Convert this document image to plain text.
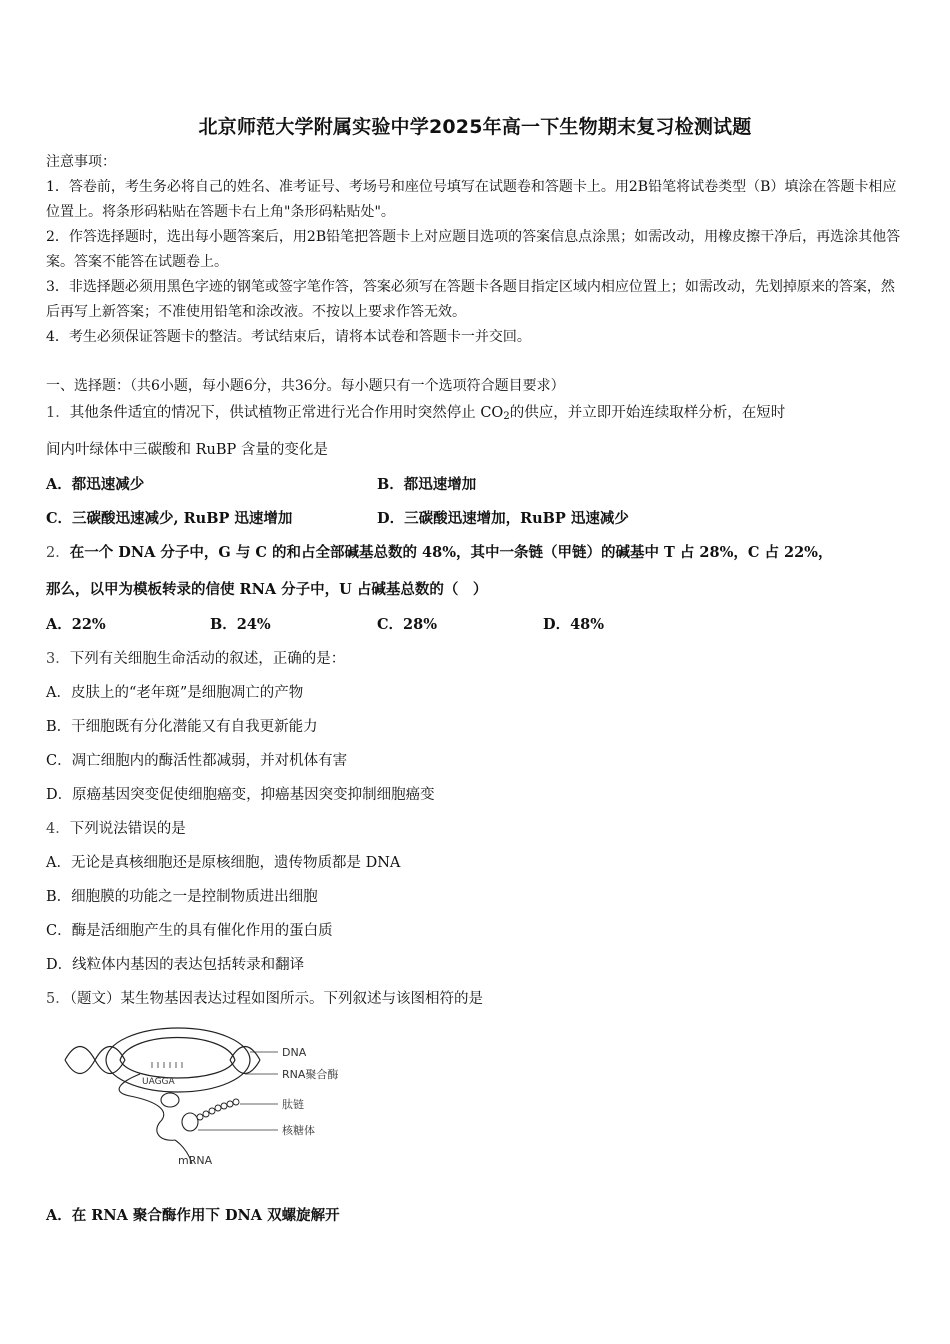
北京师范大学附属实验中学2025年高一下生物期末复习检测试题

注意事项：

1．答卷前，考生务必将自己的姓名、准考证号、考场号和座位号填写在试题卷和答题卡上。用2B铅笔将试卷类型（B）填涂在答题卡相应位置上。将条形码粘贴在答题卡右上角"条形码粘贴处"。

2．作答选择题时，选出每小题答案后，用2B铅笔把答题卡上对应题目选项的答案信息点涂黑；如需改动，用橡皮擦干净后，再选涂其他答案。答案不能答在试题卷上。

3．非选择题必须用黑色字迹的钢笔或签字笔作答，答案必须写在答题卡各题目指定区域内相应位置上；如需改动，先划掉原来的答案，然后再写上新答案；不准使用铅笔和涂改液。不按以上要求作答无效。

4．考生必须保证答题卡的整洁。考试结束后，请将本试卷和答题卡一并交回。

一、选择题：（共6小题，每小题6分，共36分。每小题只有一个选项符合题目要求）
1．其他条件适宜的情况下，供试植物正常进行光合作用时突然停止 $CO_2$的供应，并立即开始连续取样分析，在短时
间内叶绿体中三碳酸和 RuBP 含量的变化是
A．都迅速减少	B．都迅速增加
C．三碳酸迅速减少, RuBP 迅速增加	D．三碳酸迅速增加，RuBP 迅速减少
2．在一个 DNA 分子中，G 与 C 的和占全部碱基总数的 48%，其中一条链（甲链）的碱基中 T 占 28%，C 占 22%，
那么，以甲为模板转录的信使 RNA 分子中，U 占碱基总数的（　）
A．22%	B．24%	C．28%	D．48%
3．下列有关细胞生命活动的叙述，正确的是：
A．皮肤上的“老年斑”是细胞凋亡的产物
B．干细胞既有分化潜能又有自我更新能力
C．凋亡细胞内的酶活性都减弱，并对机体有害
D．原癌基因突变促使细胞癌变，抑癌基因突变抑制细胞癌变
4．下列说法错误的是
A．无论是真核细胞还是原核细胞，遗传物质都是 DNA
B．细胞膜的功能之一是控制物质进出细胞
C．酶是活细胞产生的具有催化作用的蛋白质
D．线粒体内基因的表达包括转录和翻译
5．（题文）某生物基因表达过程如图所示。下列叙述与该图相符的是
UAGGA
DNA
RNA聚合酶
肽链
核糖体
mRNA
A．在 RNA 聚合酶作用下 DNA 双螺旋解开
